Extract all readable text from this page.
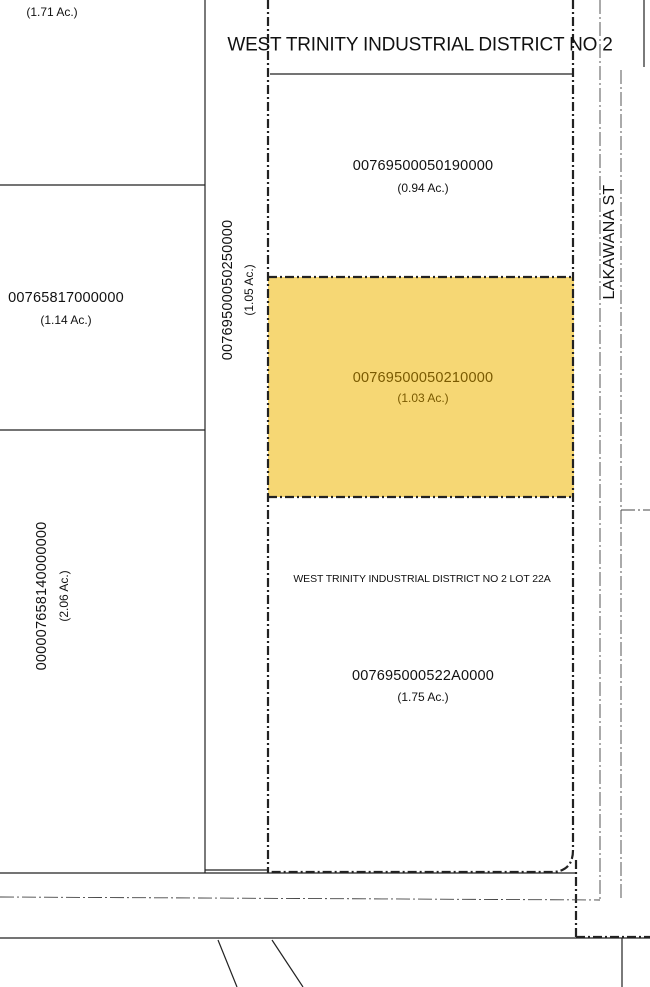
(1.71 Ac.)
WEST TRINITY INDUSTRIAL DISTRICT NO 2
00769500050190000
(0.94 Ac.)
00765817000000
(1.14 Ac.)	00769500050250000 (1.05 Ac.)
00769500050210000
(1.03 Ac.)
LAKAWANA ST
000007658140000000 (2.06 Ac.)	WEST TRINITY INDUSTRIAL DISTRICT NO 2 LOT 22A
007695000522A0000
(1.75 Ac.)
